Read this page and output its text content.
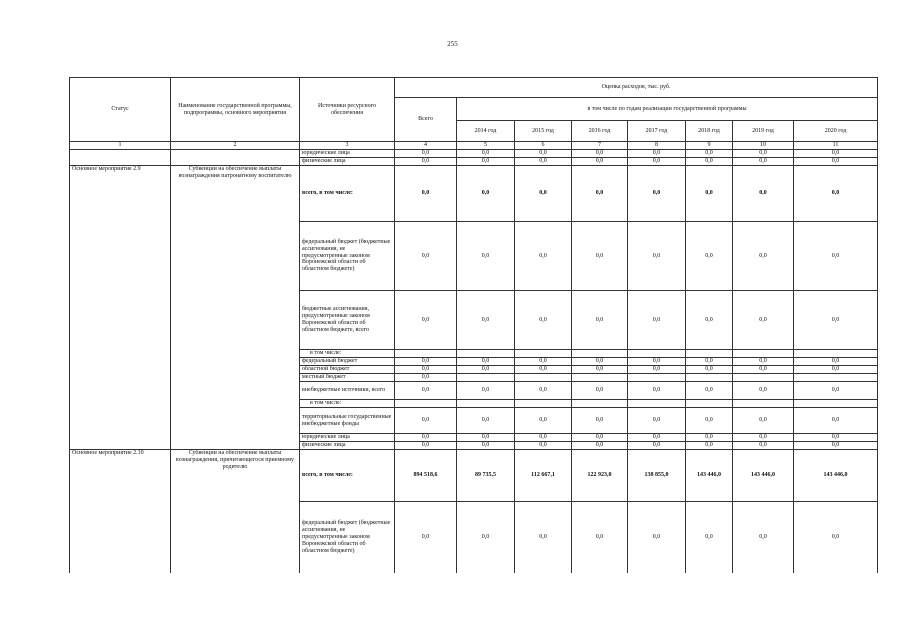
255
Статус	Наименование государственной программы, подпрограммы, основного мероприятия	Источники ресурсного обеспечения	Оценка расходов, тыс. руб.							
			Всего	в том числе по годам реализации государственной программы						
				2014 год	2015 год	2016 год	2017 год	2018 год	2019 год	2020 год
1	2	3	4	5	6	7	8	9	10	11
		юридические лица	0,0	0,0	0,0	0,0	0,0	0,0	0,0	0,0
		физические лица	0,0	0,0	0,0	0,0	0,0	0,0	0,0	0,0
Основное мероприятие 2.9	Субвенции на обеспечение выплаты вознаграждения патронатному воспитателю	всего, в том числе:	0,0	0,0	0,0	0,0	0,0	0,0	0,0	0,0
		федеральный бюджет (бюджетные ассигнования, не предусмотренные законом Воронежской области об областном бюджете)	0,0	0,0	0,0	0,0	0,0	0,0	0,0	0,0
		бюджетные ассигнования, предусмотренные законом Воронежской области об областном бюджете, всего	0,0	0,0	0,0	0,0	0,0	0,0	0,0	0,0
		в том числе:								
		федеральный бюджет	0,0	0,0	0,0	0,0	0,0	0,0	0,0	0,0
		областной бюджет	0,0	0,0	0,0	0,0	0,0	0,0	0,0	0,0
		местный бюджет	0,0							
		внебюджетные источники, всего	0,0	0,0	0,0	0,0	0,0	0,0	0,0	0,0
		в том числе:								
		территориальные государственные внебюджетные фонды	0,0	0,0	0,0	0,0	0,0	0,0	0,0	0,0
		юридические лица	0,0	0,0	0,0	0,0	0,0	0,0	0,0	0,0
		физические лица	0,0	0,0	0,0	0,0	0,0	0,0	0,0	0,0
Основное мероприятие 2.10	Субвенции на обеспечение выплаты вознаграждения, причитающегося приемному родителю	всего, в том числе:	894 518,6	89 735,5	112 667,1	122 923,0	138 855,0	143 446,0	143 446,0	143 446,0
		федеральный бюджет (бюджетные ассигнования, не предусмотренные законом Воронежской области об областном бюджете)	0,0	0,0	0,0	0,0	0,0	0,0	0,0	0,0
